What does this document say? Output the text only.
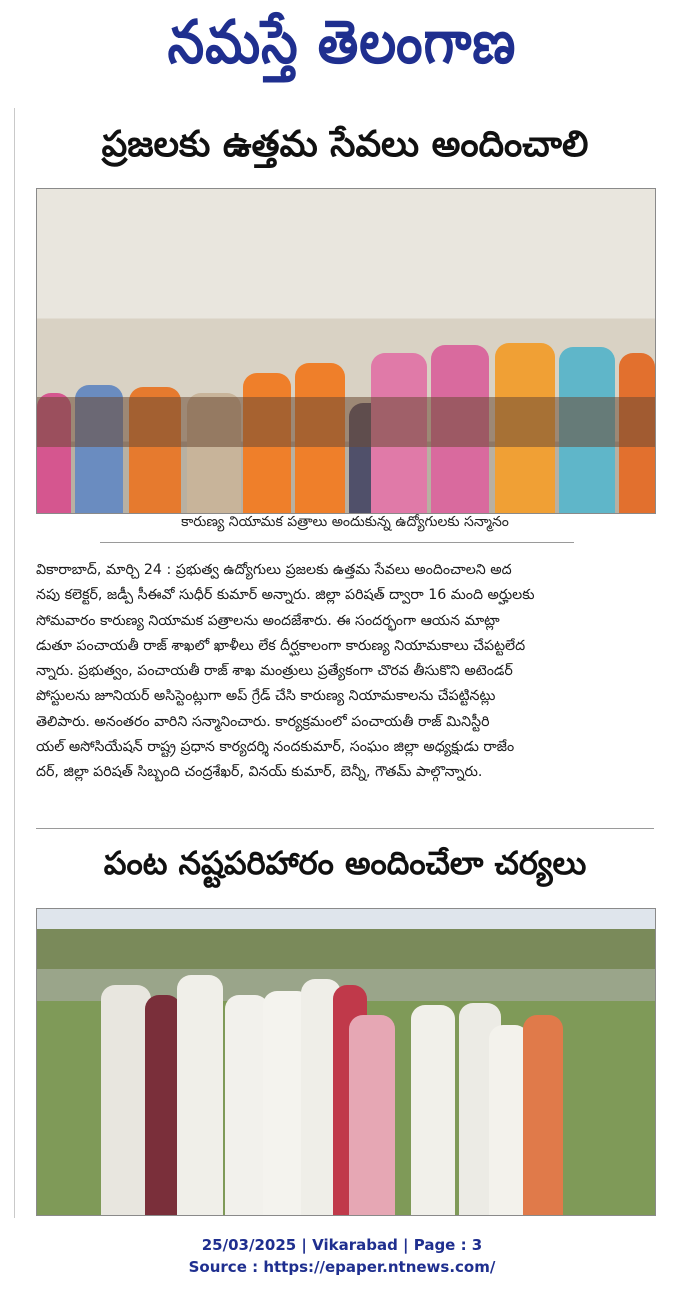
నమస్తే తెలంగాణ
ప్రజలకు ఉత్తమ సేవలు అందించాలి
కారుణ్య నియామక పత్రాలు అందుకున్న ఉద్యోగులకు సన్మానం
వికారాబాద్, మార్చి 24 : ప్రభుత్వ ఉద్యోగులు ప్రజలకు ఉత్తమ సేవలు అందించాలని అద
నపు కలెక్టర్, జడ్పీ సీఈవో సుధీర్ కుమార్ అన్నారు. జిల్లా పరిషత్ ద్వారా 16 మంది అర్హులకు
సోమవారం కారుణ్య నియామక పత్రాలను అందజేశారు. ఈ సందర్భంగా ఆయన మాట్లా
డుతూ పంచాయతీ రాజ్ శాఖలో ఖాళీలు లేక దీర్ఘకాలంగా కారుణ్య నియామకాలు చేపట్టలేద
న్నారు. ప్రభుత్వం, పంచాయతీ రాజ్ శాఖ మంత్రులు ప్రత్యేకంగా చొరవ తీసుకొని అటెండర్
పోస్టులను జూనియర్ అసిస్టెంట్లుగా అప్ గ్రేడ్ చేసి కారుణ్య నియామకాలను చేపట్టినట్లు
తెలిపారు. అనంతరం వారిని సన్మానించారు. కార్యక్రమంలో పంచాయతీ రాజ్ మినిస్టీరి
యల్ అసోసియేషన్ రాష్ట్ర ప్రధాన కార్యదర్శి నందకుమార్, సంఘం జిల్లా అధ్యక్షుడు రాజేం
దర్, జిల్లా పరిషత్ సిబ్బంది చంద్రశేఖర్, వినయ్ కుమార్, బెన్నీ, గౌతమ్ పాల్గొన్నారు.
పంట నష్టపరిహారం అందించేలా చర్యలు
25/03/2025 | Vikarabad | Page : 3
Source : https://epaper.ntnews.com/
